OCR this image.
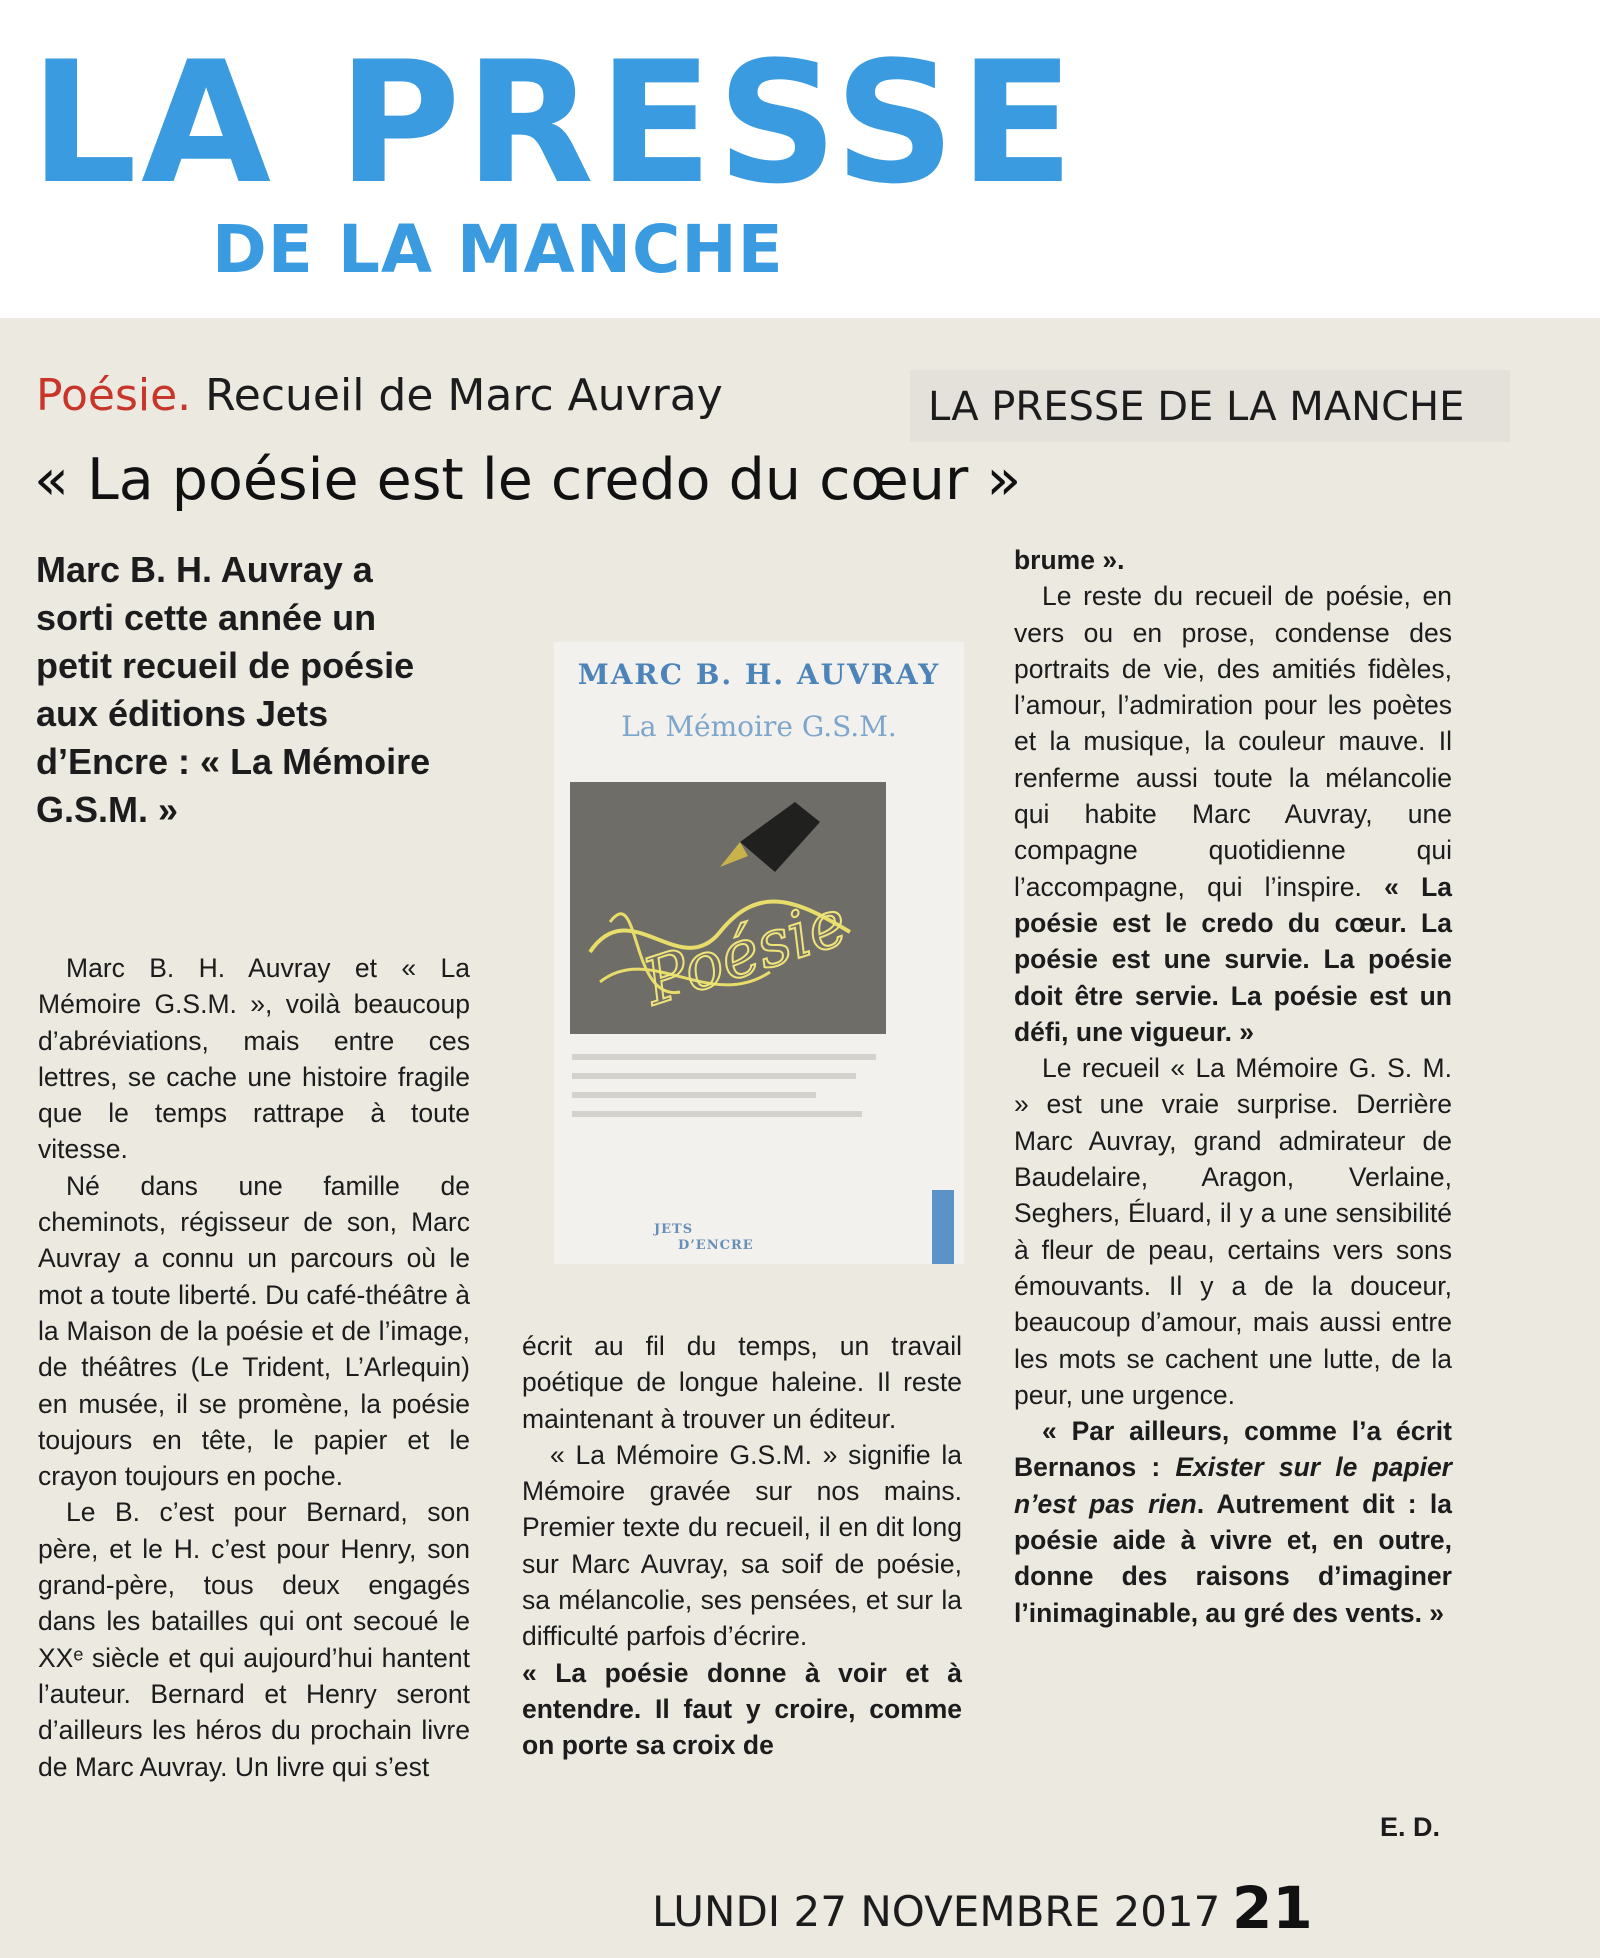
LA PRESSE
DE LA MANCHE
Poésie. Recueil de Marc Auvray	LA PRESSE DE LA MANCHE
« La poésie est le credo du cœur »
Marc B. H. Auvray a sorti cette année un petit recueil de poésie aux éditions Jets d’Encre : « La Mémoire G.S.M. »

Marc B. H. Auvray et « La Mémoire G.S.M. », voilà beaucoup d’abréviations, mais entre ces lettres, se cache une histoire fragile que le temps rattrape à toute vitesse.

Né dans une famille de cheminots, régisseur de son, Marc Auvray a connu un parcours où le mot a toute liberté. Du café-théâtre à la Maison de la poésie et de l’image, de théâtres (Le Trident, L’Arlequin) en musée, il se promène, la poésie toujours en tête, le papier et le crayon toujours en poche.

Le B. c’est pour Bernard, son père, et le H. c’est pour Henry, son grand-père, tous deux engagés dans les batailles qui ont secoué le XXᵉ siècle et qui aujourd’hui hantent l’auteur. Bernard et Henry seront d’ailleurs les héros du prochain livre de Marc Auvray. Un livre qui s’est

MARC B. H. AUVRAY
La Mémoire G.S.M.
Poésie
JETS
D’ENCRE

écrit au fil du temps, un travail poétique de longue haleine. Il reste maintenant à trouver un éditeur.

« La Mémoire G.S.M. » signifie la Mémoire gravée sur nos mains. Premier texte du recueil, il en dit long sur Marc Auvray, sa soif de poésie, sa mélancolie, ses pensées, et sur la difficulté parfois d’écrire.

« La poésie donne à voir et à entendre. Il faut y croire, comme on porte sa croix de

brume ».

Le reste du recueil de poésie, en vers ou en prose, condense des portraits de vie, des amitiés fidèles, l’amour, l’admiration pour les poètes et la musique, la couleur mauve. Il renferme aussi toute la mélancolie qui habite Marc Auvray, une compagne quotidienne qui l’accompagne, qui l’inspire. « La poésie est le credo du cœur. La poésie est une survie. La poésie doit être servie. La poésie est un défi, une vigueur. »

Le recueil « La Mémoire G. S. M. » est une vraie surprise. Derrière Marc Auvray, grand admirateur de Baudelaire, Aragon, Verlaine, Seghers, Éluard, il y a une sensibilité à fleur de peau, certains vers sons émouvants. Il y a de la douceur, beaucoup d’amour, mais aussi entre les mots se cachent une lutte, de la peur, une urgence.

« Par ailleurs, comme l’a écrit Bernanos : Exister sur le papier n’est pas rien. Autrement dit : la poésie aide à vivre et, en outre, donne des raisons d’imaginer l’inimaginable, au gré des vents. »

E. D.
LUNDI 27 NOVEMBRE 2017 21
